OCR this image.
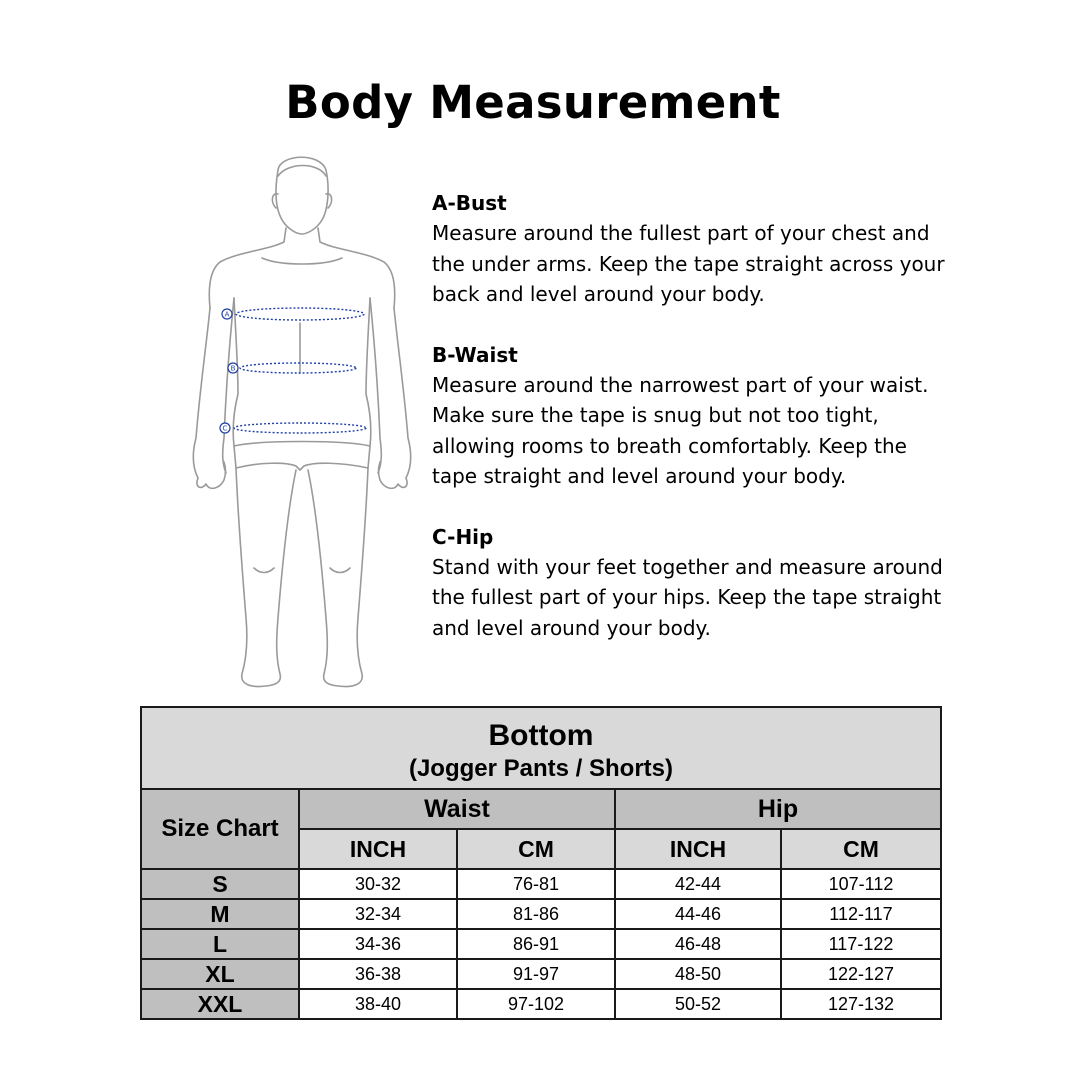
Body Measurement
A
B
C

A-Bust

Measure around the fullest part of your chest and the under arms. Keep the tape straight across your back and level around your body.

B-Waist

Measure around the narrowest part of your waist. Make sure the tape is snug but not too tight, allowing rooms to breath comfortably. Keep the tape straight and level around your body.

C-Hip

Stand with your feet together and measure around the fullest part of your hips. Keep the tape straight and level around your body.

Bottom
(Jogger Pants / Shorts)				

Size Chart	Waist		Hip	
	INCH	CM	INCH	CM
S	30-32	76-81	42-44	107-112
M	32-34	81-86	44-46	112-117
L	34-36	86-91	46-48	117-122
XL	36-38	91-97	48-50	122-127
XXL	38-40	97-102	50-52	127-132
